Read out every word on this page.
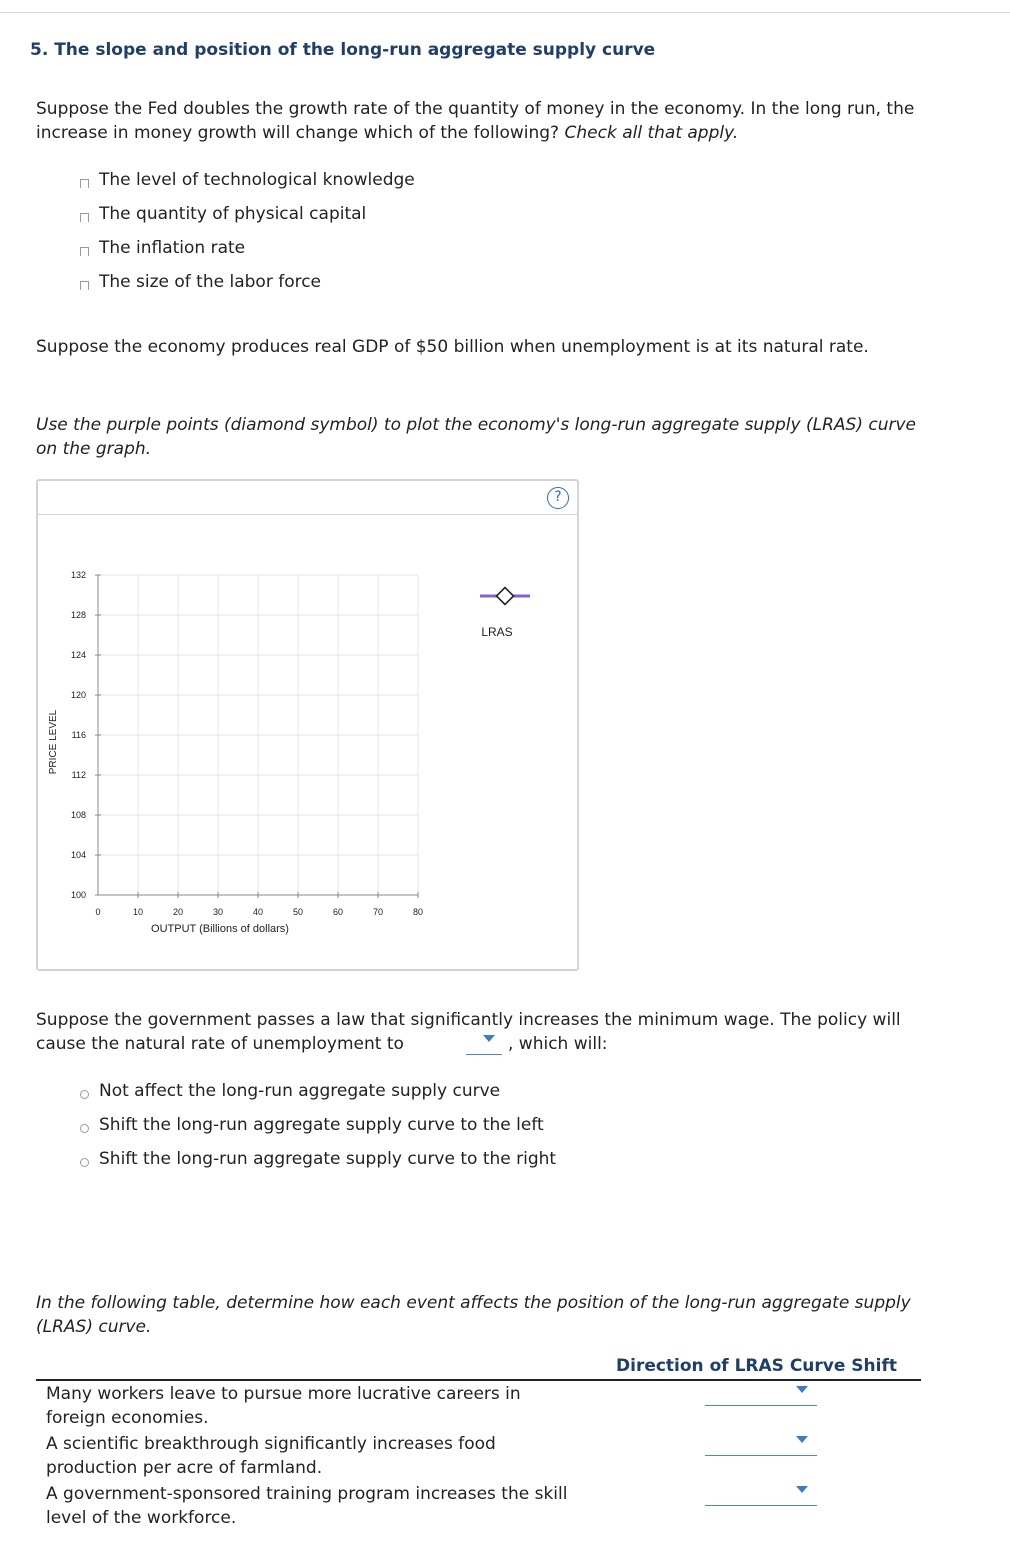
5. The slope and position of the long-run aggregate supply curve
Suppose the Fed doubles the growth rate of the quantity of money in the economy. In the long run, the increase in money growth will change which of the following? Check all that apply.
The level of technological knowledge
The quantity of physical capital
The inflation rate
The size of the labor force
Suppose the economy produces real GDP of $50 billion when unemployment is at its natural rate.
Use the purple points (diamond symbol) to plot the economy's long-run aggregate supply (LRAS) curve on the graph.
?
100
104
108
112
116
120
124
128
132
0	10	20	30	40	50	60	70	80
PRICE LEVEL
OUTPUT (Billions of dollars)
LRAS
Suppose the government passes a law that significantly increases the minimum wage. The policy will cause the natural rate of unemployment to	, which will:
Not affect the long-run aggregate supply curve
Shift the long-run aggregate supply curve to the left
Shift the long-run aggregate supply curve to the right
In the following table, determine how each event affects the position of the long-run aggregate supply (LRAS) curve.
Direction of LRAS Curve Shift
Many workers leave to pursue more lucrative careers in foreign economies.
A scientific breakthrough significantly increases food production per acre of farmland.
A government-sponsored training program increases the skill level of the workforce.
